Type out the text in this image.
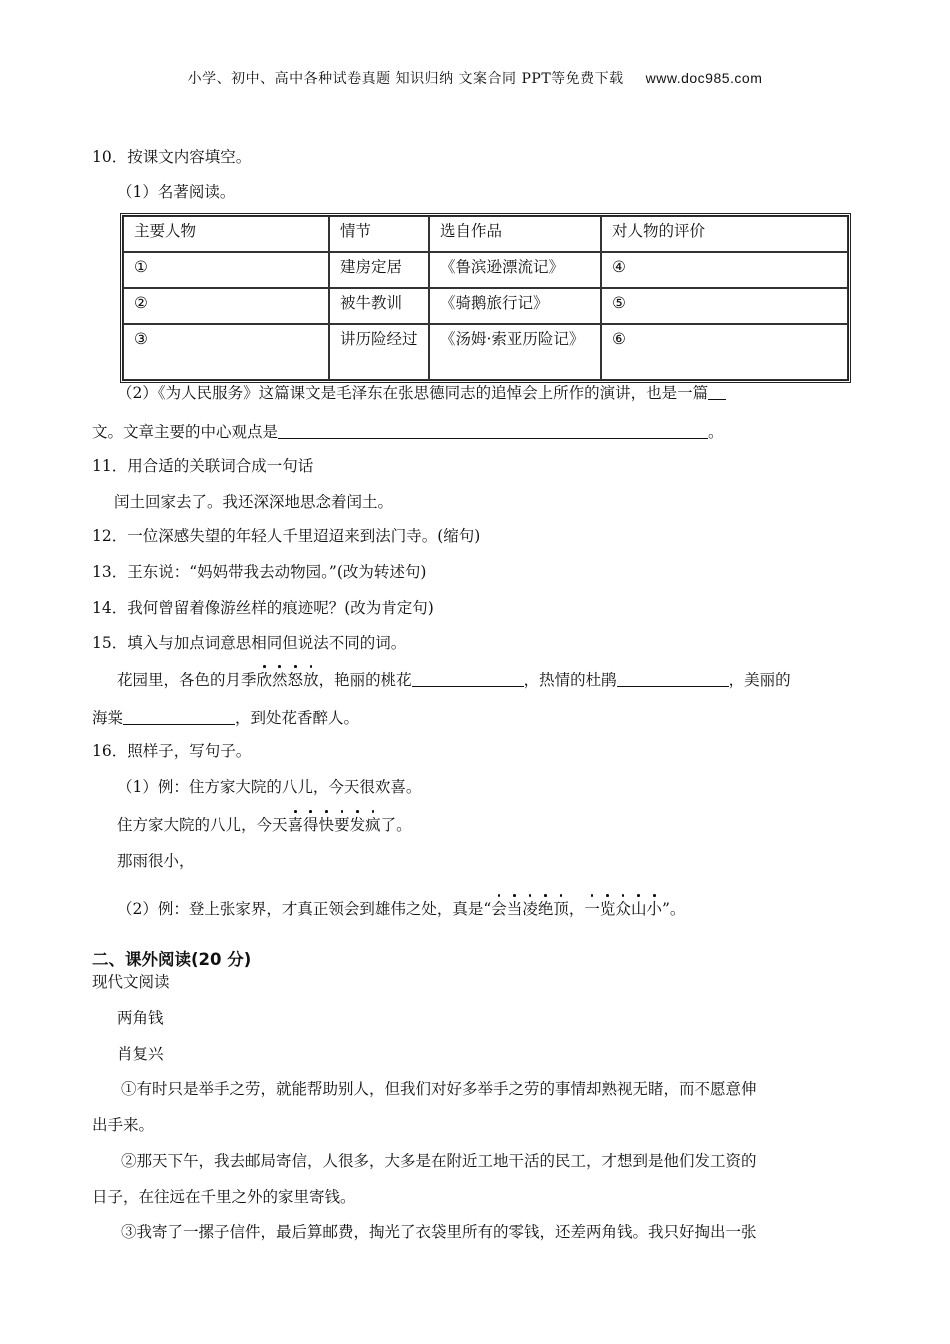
小学、初中、高中各种试卷真题 知识归纳 文案合同 PPT等免费下载 www.doc985.com
10．按课文内容填空。
（1）名著阅读。
主要人物	情节	选自作品	对人物的评价
①	建房定居	《鲁滨逊漂流记》	④
②	被牛教训	《骑鹅旅行记》	⑤
③	讲历险经过	《汤姆·索亚历险记》	⑥
（2）《为人民服务》这篇课文是毛泽东在张思德同志的追悼会上所作的演讲，也是一篇
文。文章主要的中心观点是	。
11．用合适的关联词合成一句话
闰土回家去了。我还深深地思念着闰土。
12．一位深感失望的年轻人千里迢迢来到法门寺。(缩句)
13．王东说：“妈妈带我去动物园。”(改为转述句)
14．我何曾留着像游丝样的痕迹呢？(改为肯定句)
15．填入与加点词意思相同但说法不同的词。
花园里，各色的月季欣然怒放，艳丽的桃花	，热情的杜鹃	，美丽的
海棠	，到处花香醉人。
16．照样子，写句子。
（1）例：住方家大院的八儿，今天很欢喜。
住方家大院的八儿，今天喜得快要发疯了。
那雨很小，
（2）例：登上张家界，才真正领会到雄伟之处，真是“会当凌绝顶，一览众山小”。
二、课外阅读(20 分)
现代文阅读
两角钱
肖复兴
①有时只是举手之劳，就能帮助别人，但我们对好多举手之劳的事情却熟视无睹，而不愿意伸
出手来。
②那天下午，我去邮局寄信，人很多，大多是在附近工地干活的民工，才想到是他们发工资的
日子，在往远在千里之外的家里寄钱。
③我寄了一摞子信件，最后算邮费，掏光了衣袋里所有的零钱，还差两角钱。我只好掏出一张
